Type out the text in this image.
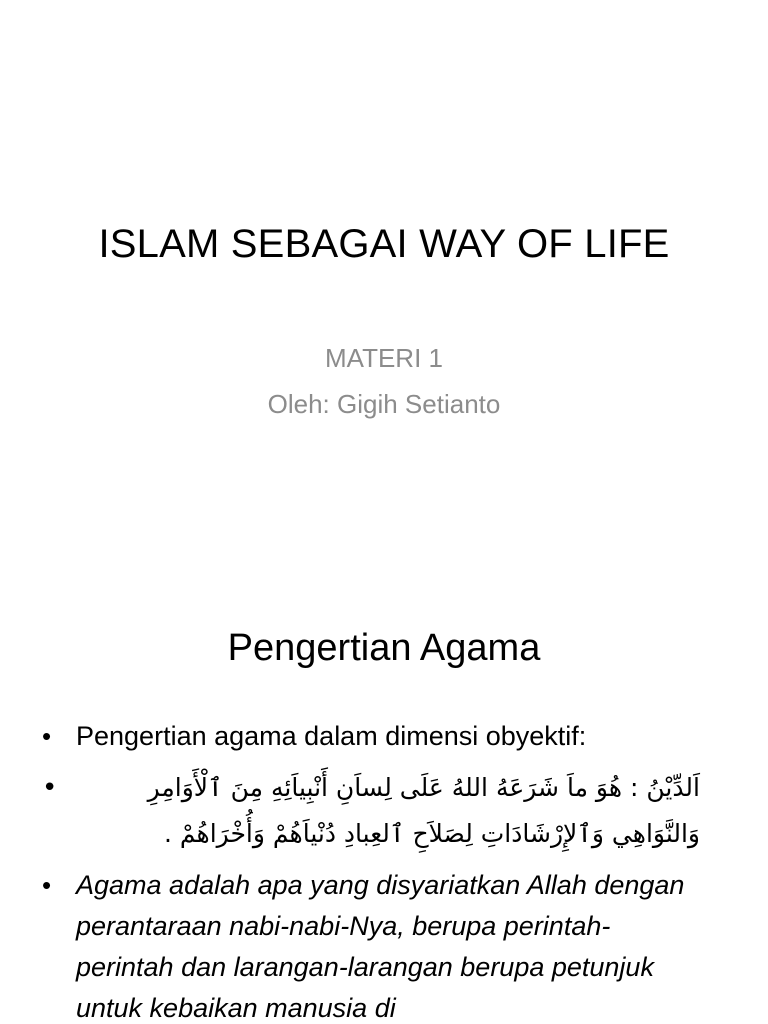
ISLAM SEBAGAI WAY OF LIFE
MATERI 1
Oleh: Gigih Setianto
Pengertian Agama
• Pengertian agama dalam dimensi obyektif:
•	اَلدِّيْنُ : هُوَ ماَ شَرَعَهُ اللهُ عَلَى لِساَنِ أَنْبِياَئِهِ مِنَ ٱلْأَوَامِرِ وَالنَّوَاهِي وَٱلإِرْشَادَاتِ لِصَلاَحِ ٱلعِبادِ دُنْياَهُمْ وَأُخْرَاهُمْ .
• Agama adalah apa yang disyariatkan Allah dengan perantaraan nabi-nabi-Nya, berupa perintah-perintah dan larangan-larangan berupa petunjuk untuk kebaikan manusia di
